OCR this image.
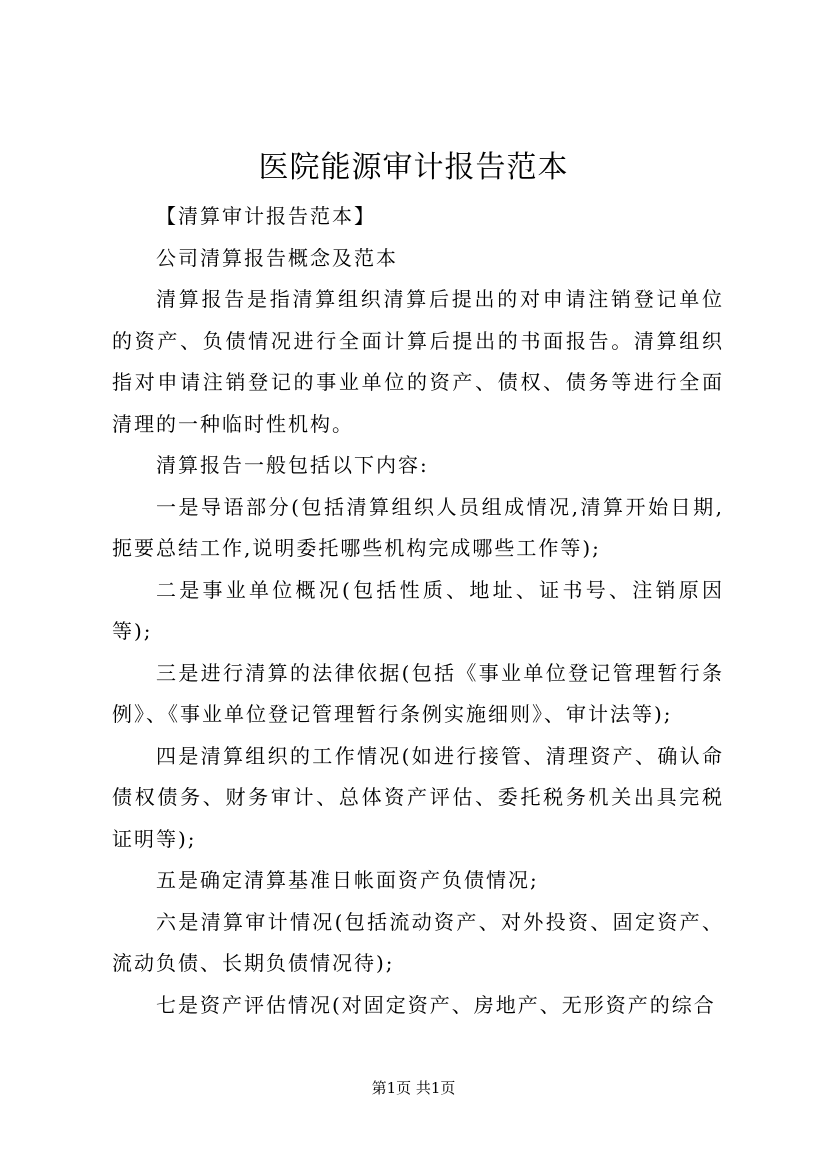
医院能源审计报告范本

【清算审计报告范本】

公司清算报告概念及范本

清算报告是指清算组织清算后提出的对申请注销登记单位的资产、负债情况进行全面计算后提出的书面报告。清算组织指对申请注销登记的事业单位的资产、债权、债务等进行全面清理的一种临时性机构。

清算报告一般包括以下内容:

一是导语部分(包括清算组织人员组成情况,清算开始日期,扼要总结工作,说明委托哪些机构完成哪些工作等);

二是事业单位概况(包括性质、地址、证书号、注销原因等);

三是进行清算的法律依据(包括《事业单位登记管理暂行条例》、《事业单位登记管理暂行条例实施细则》、审计法等);

四是清算组织的工作情况(如进行接管、清理资产、确认命债权债务、财务审计、总体资产评估、委托税务机关出具完税证明等);

五是确定清算基准日帐面资产负债情况;

六是清算审计情况(包括流动资产、对外投资、固定资产、流动负债、长期负债情况待);

七是资产评估情况(对固定资产、房地产、无形资产的综合

第1页 共1页
